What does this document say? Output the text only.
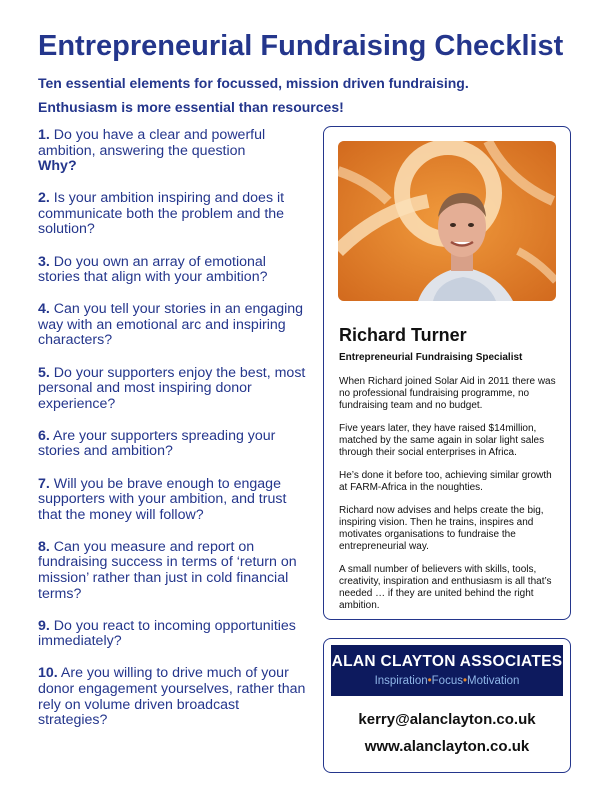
Entrepreneurial Fundraising Checklist
Ten essential elements for focussed, mission driven fundraising.
Enthusiasm is more essential than resources!
1. Do you have a clear and powerful ambition, answering the question
Why?
2. Is your ambition inspiring and does it communicate both the problem and the solution?
3. Do you own an array of emotional stories that align with your ambition?
4. Can you tell your stories in an engaging way with an emotional arc and inspiring characters?
5. Do your supporters enjoy the best, most personal and most inspiring donor experience?
6. Are your supporters spreading your stories and ambition?
7. Will you be brave enough to engage supporters with your ambition, and trust that the money will follow?
8. Can you measure and report on fundraising success in terms of ‘return on mission’ rather than just in cold financial terms?
9. Do you react to incoming opportunities immediately?
10. Are you willing to drive much of your donor engagement yourselves, rather than rely on volume driven broadcast strategies?
Richard Turner
Entrepreneurial Fundraising Specialist

When Richard joined Solar Aid in 2011 there was no professional fundraising programme, no fundraising team and no budget.

Five years later, they have raised $14million, matched by the same again in solar light sales through their social enterprises in Africa.

He’s done it before too, achieving similar growth at FARM-Africa in the noughties.

Richard now advises and helps create the big, inspiring vision. Then he trains, inspires and motivates organisations to fundraise the entrepreneurial way.

A small number of believers with skills, tools, creativity, inspiration and enthusiasm is all that’s needed … if they are united behind the right ambition.

ALAN CLAYTON ASSOCIATES
Inspiration•Focus•Motivation
kerry@alanclayton.co.uk
www.alanclayton.co.uk
